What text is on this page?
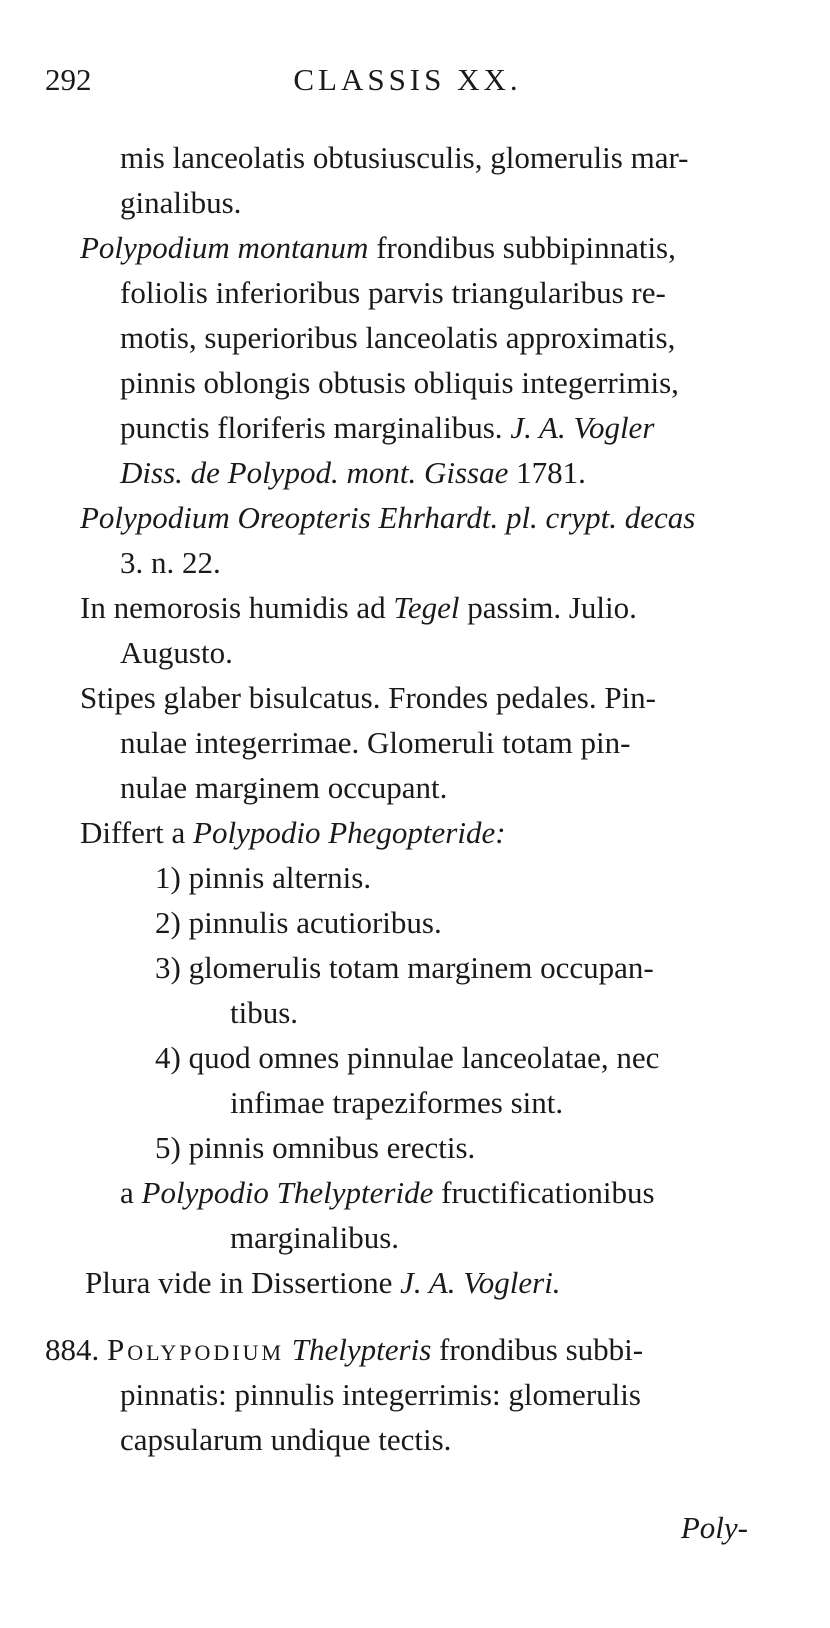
292	CLASSIS XX.
mis lanceolatis obtusiusculis, glomerulis mar-
ginalibus.
Polypodium montanum frondibus subbipinnatis,
foliolis inferioribus parvis triangularibus re-
motis, superioribus lanceolatis approximatis,
pinnis oblongis obtusis obliquis integerrimis,
punctis floriferis marginalibus. J. A. Vogler
Diss. de Polypod. mont. Gissae 1781.
Polypodium Oreopteris Ehrhardt. pl. crypt. decas
3. n. 22.
In nemorosis humidis ad Tegel passim. Julio.
Augusto.
Stipes glaber bisulcatus. Frondes pedales. Pin-
nulae integerrimae. Glomeruli totam pin-
nulae marginem occupant.
Differt a Polypodio Phegopteride:
1) pinnis alternis.
2) pinnulis acutioribus.
3) glomerulis totam marginem occupan-
tibus.
4) quod omnes pinnulae lanceolatae, nec
infimae trapeziformes sint.
5) pinnis omnibus erectis.
a Polypodio Thelypteride fructificationibus
marginalibus.
Plura vide in Dissertione J. A. Vogleri.
884. Polypodium Thelypteris frondibus subbi-
pinnatis: pinnulis integerrimis: glomerulis
capsularum undique tectis.
Poly-
